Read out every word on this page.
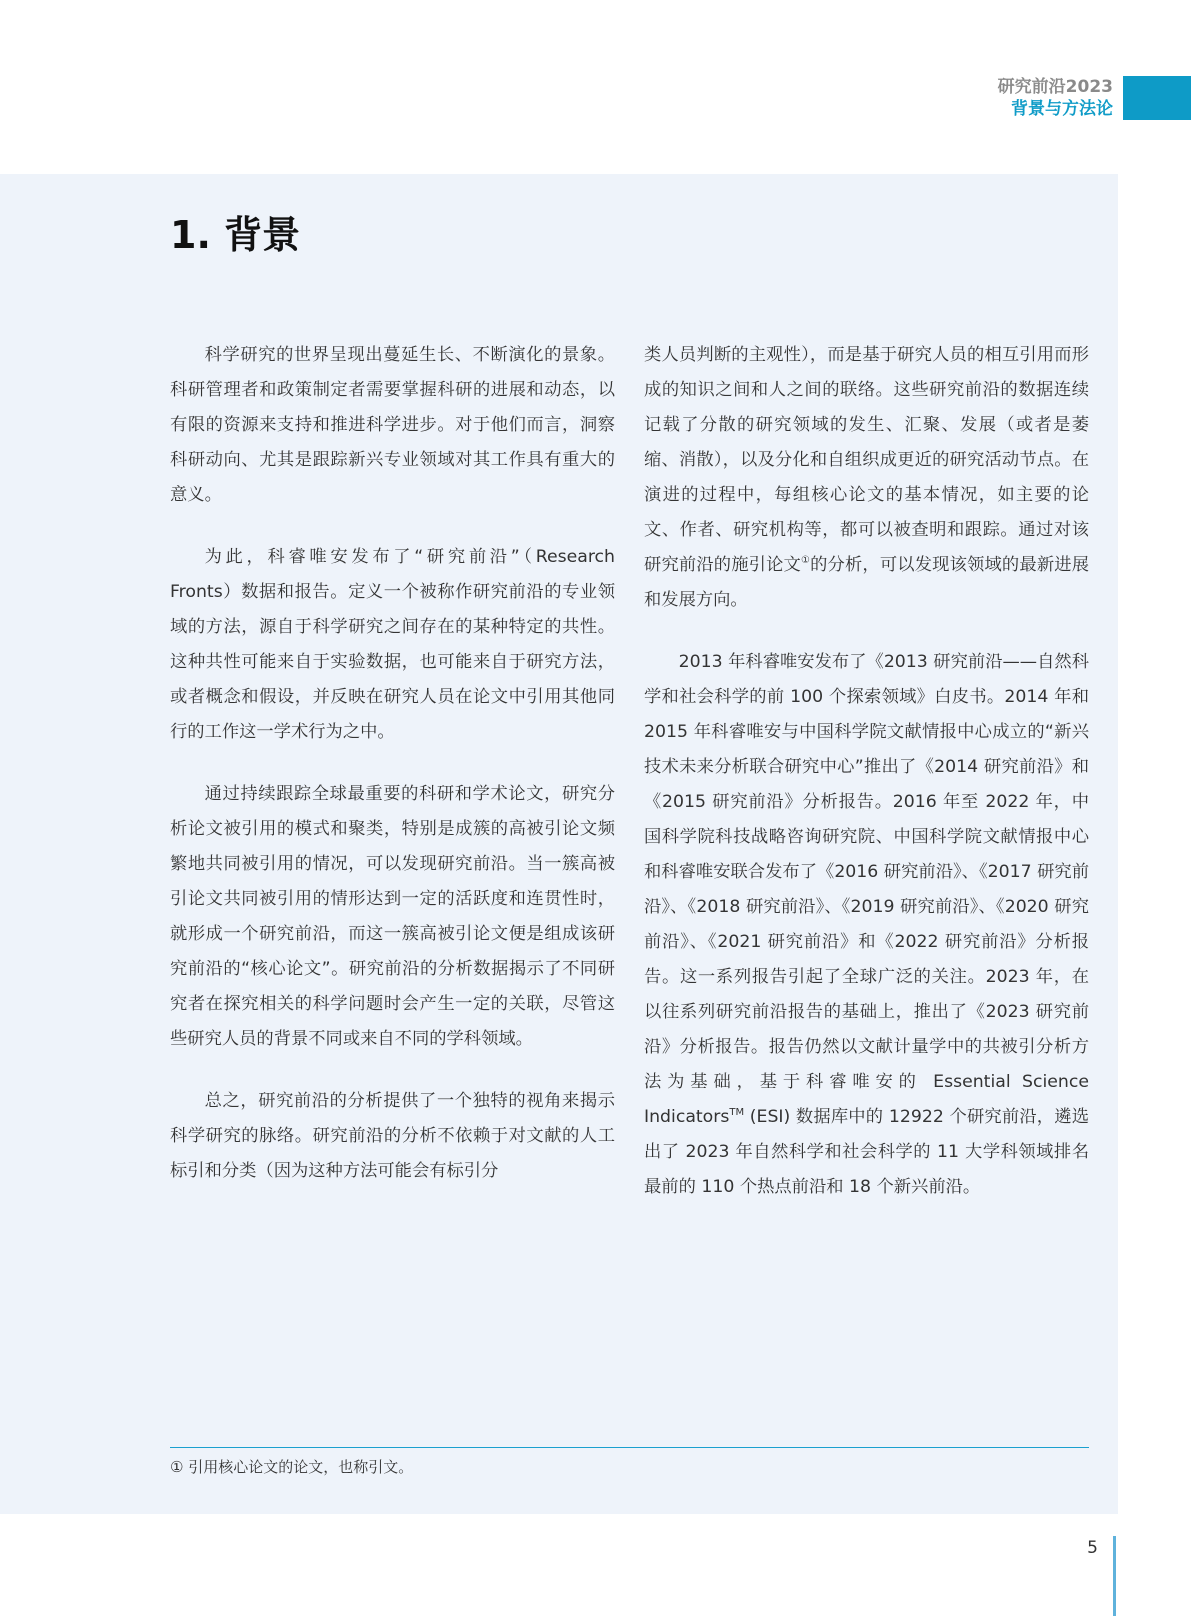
研究前沿2023
背景与方法论
1. 背景

科学研究的世界呈现出蔓延生长、不断演化的景象。科研管理者和政策制定者需要掌握科研的进展和动态，以有限的资源来支持和推进科学进步。对于他们而言，洞察科研动向、尤其是跟踪新兴专业领域对其工作具有重大的意义。

为此，科睿唯安发布了“研究前沿”（Research Fronts）数据和报告。定义一个被称作研究前沿的专业领域的方法，源自于科学研究之间存在的某种特定的共性。这种共性可能来自于实验数据，也可能来自于研究方法，或者概念和假设，并反映在研究人员在论文中引用其他同行的工作这一学术行为之中。

通过持续跟踪全球最重要的科研和学术论文，研究分析论文被引用的模式和聚类，特别是成簇的高被引论文频繁地共同被引用的情况，可以发现研究前沿。当一簇高被引论文共同被引用的情形达到一定的活跃度和连贯性时，就形成一个研究前沿，而这一簇高被引论文便是组成该研究前沿的“核心论文”。研究前沿的分析数据揭示了不同研究者在探究相关的科学问题时会产生一定的关联，尽管这些研究人员的背景不同或来自不同的学科领域。

总之，研究前沿的分析提供了一个独特的视角来揭示科学研究的脉络。研究前沿的分析不依赖于对文献的人工标引和分类（因为这种方法可能会有标引分

类人员判断的主观性），而是基于研究人员的相互引用而形成的知识之间和人之间的联络。这些研究前沿的数据连续记载了分散的研究领域的发生、汇聚、发展（或者是萎缩、消散），以及分化和自组织成更近的研究活动节点。在演进的过程中，每组核心论文的基本情况，如主要的论文、作者、研究机构等，都可以被查明和跟踪。通过对该研究前沿的施引论文①的分析，可以发现该领域的最新进展和发展方向。

2013 年科睿唯安发布了《2013 研究前沿——自然科学和社会科学的前 100 个探索领域》白皮书。2014 年和 2015 年科睿唯安与中国科学院文献情报中心成立的“新兴技术未来分析联合研究中心”推出了《2014 研究前沿》和《2015 研究前沿》分析报告。2016 年至 2022 年，中国科学院科技战略咨询研究院、中国科学院文献情报中心和科睿唯安联合发布了《2016 研究前沿》、《2017 研究前沿》、《2018 研究前沿》、《2019 研究前沿》、《2020 研究前沿》、《2021 研究前沿》和《2022 研究前沿》分析报告。这一系列报告引起了全球广泛的关注。2023 年，在以往系列研究前沿报告的基础上，推出了《2023 研究前沿》分析报告。报告仍然以文献计量学中的共被引分析方法为基础，基于科睿唯安的 Essential Science Indicators™ (ESI) 数据库中的 12922 个研究前沿，遴选出了 2023 年自然科学和社会科学的 11 大学科领域排名最前的 110 个热点前沿和 18 个新兴前沿。

① 引用核心论文的论文，也称引文。
5
